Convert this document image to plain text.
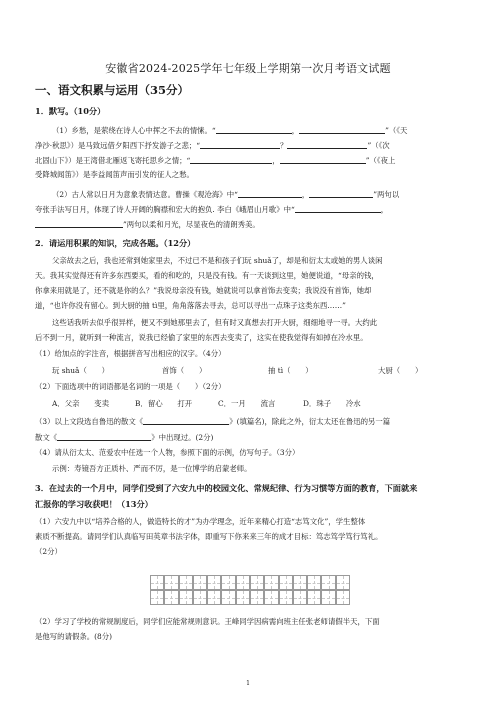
安徽省2024-2025学年七年级上学期第一次月考语文试题
一、语文积累与运用（35分）
1．默写。（10分）
（1）乡愁，是萦绕在诗人心中挥之不去的情愫。“	，	”（《天
净沙·秋思》）是马致远借夕阳西下抒发游子之悲；“	？	”（《次
北固山下》）是王湾借北雁返飞寄托思乡之情；“	，	”（《夜上
受降城闻笛》）是李益闻笛声而引发的征人之愁。
（2）古人常以日月为意象表情达意。曹操《观沧海》中“	，	”两句以
夸张手法写日月，体现了诗人开阔的胸襟和宏大的抱负. 李白《峨眉山月歌》中“	，
”两句以柔和月光，尽显夜色的清朗秀美。
2．请运用积累的知识，完成各题。（12分）
父亲故去之后，我也还常到她家里去，不过已不是和孩子们玩 shuǎ了，却是和衍太太或她的男人谈闲
天。我其实觉得还有许多东西要买，看的和吃的，只是没有钱。有一天谈到这里，她便说道，“母亲的钱，
你拿来用就是了，还不就是你的么？”我说母亲没有钱，她就说可以拿首饰去变卖；我说没有首饰，她却
道，“也许你没有留心。到大厨的抽 tì里，角角落落去寻去，总可以寻出一点珠子这类东西……”
这些话我听去似乎很异样，便又不到她那里去了，但有时又真想去打开大厨，细细地寻一寻。大约此
后不到一月，就听到一种流言，说我已经偷了家里的东西去变卖了，这实在使我觉得有如掉在冷水里。
（1）给加点的字注音，根据拼音写出相应的汉字。（4分）
玩 shuǎ（　　）	首饰（　　）	抽 tì（　　）	大厨（　　）
（2）下面选项中的词语都是名词的一项是（　　）（2分）
A．父亲　　变卖	B．留心　　打开	C．一月　　流言	D．珠子　　冷水
（3）以上文段选自鲁迅的散文《	》(填篇名)，除此之外，衍太太还在鲁迅的另一篇
散文《	》中出现过。(2分)
（4）请从衍太太、范爱农中任选一个人物，参照下面的示例，仿写句子。（3分）
示例：寿镜吾方正质朴、严而不厉，是一位博学的启蒙老师。
3．在过去的一个月中，同学们受到了六安九中的校园文化、常规纪律、行为习惯等方面的教育，下面就来
汇报你的学习收获吧！（13分）
（1）六安九中以“培养合格的人，做造特长的才”为办学理念，近年来精心打造“志笃文化”，学生整体
素质不断提高。请同学们认真临写田英章书法字体，即重写下你来来三年的成才目标：笃志笃学笃行笃礼。
（2分）
（2）学习了学校的常规制度后，同学们应能常规则意识。王峰同学因病需向班主任张老师请假半天，下面
是他写的请假条。(8分)
1
